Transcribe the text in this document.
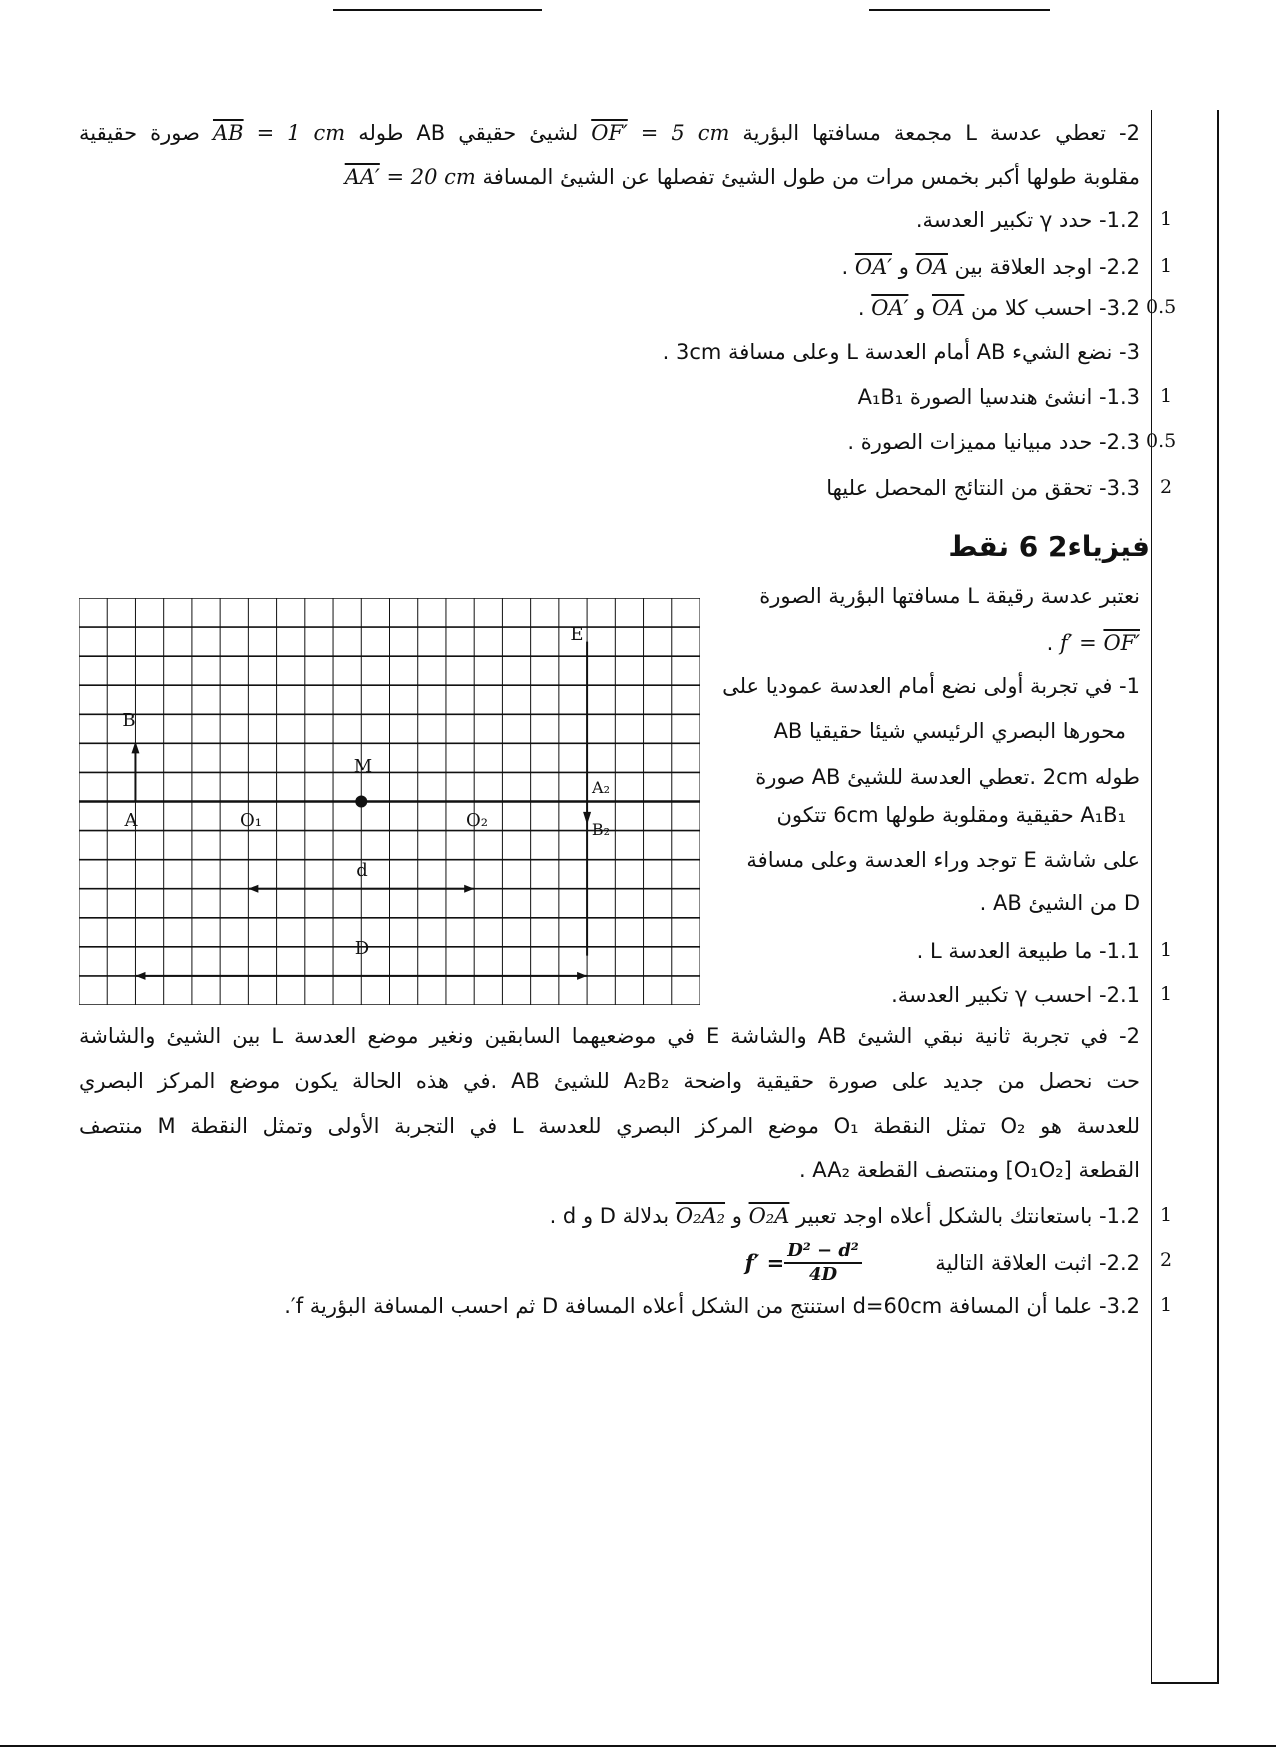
2- تعطي عدسة L مجمعة مسافتها البؤرية OF′ = 5 cm لشيئ حقيقي AB طوله $\overline{AB} = 1$ cm صورة حقيقية
مقلوبة طولها أكبر بخمس مرات من طول الشيئ تفصلها عن الشيئ المسافة AA′ = 20 cm
1.2- حدد γ تكبير العدسة.
2.2- اوجد العلاقة بين $\overline{OA}$ و OA′ .
3.2- احسب كلا من $\overline{OA}$ و OA′ .
3- نضع الشيء AB أمام العدسة L وعلى مسافة 3cm .
1.3- انشئ هندسيا الصورة A₁B₁
2.3- حدد مبيانيا مميزات الصورة .
3.3- تحقق من النتائج المحصل عليها
فيزياء2 6 نقط
نعتبر عدسة رقيقة L مسافتها البؤرية الصورة
f′ = OF′ .
1- في تجربة أولى نضع أمام العدسة عموديا على
محورها البصري الرئيسي شيئا حقيقيا AB
طوله 2cm .تعطي العدسة للشيئ AB صورة
A₁B₁ حقيقية ومقلوبة طولها 6cm تتكون
على شاشة E توجد وراء العدسة وعلى مسافة
D من الشيئ AB .
1.1- ما طبيعة العدسة L .
2.1- احسب γ تكبير العدسة.
2- في تجربة ثانية نبقي الشيئ AB والشاشة E في موضعيهما السابقين ونغير موضع العدسة L بين الشيئ والشاشة
حت نحصل من جديد على صورة حقيقية واضحة A₂B₂ للشيئ AB .في هذه الحالة يكون موضع المركز البصري
للعدسة هو O₂ تمثل النقطة O₁ موضع المركز البصري للعدسة L في التجربة الأولى وتمثل النقطة M منتصف
القطعة [O₁O₂] ومنتصف القطعة AA₂ .
1.2- باستعانتك بالشكل أعلاه اوجد تعبير O₂A و O₂A₂ بدلالة D و d .
2.2- اثبت العلاقة التالية
$f' = \frac{\text{D² − d²}}{4D}$
3.2- علما أن المسافة d=60cm استنتج من الشكل أعلاه المسافة D ثم احسب المسافة البؤرية f′.
1
1
0.5
1
0.5
2
1
1
1
2
1
B
A	O₁
M
O₂
E
A₂
B₂
d
D
